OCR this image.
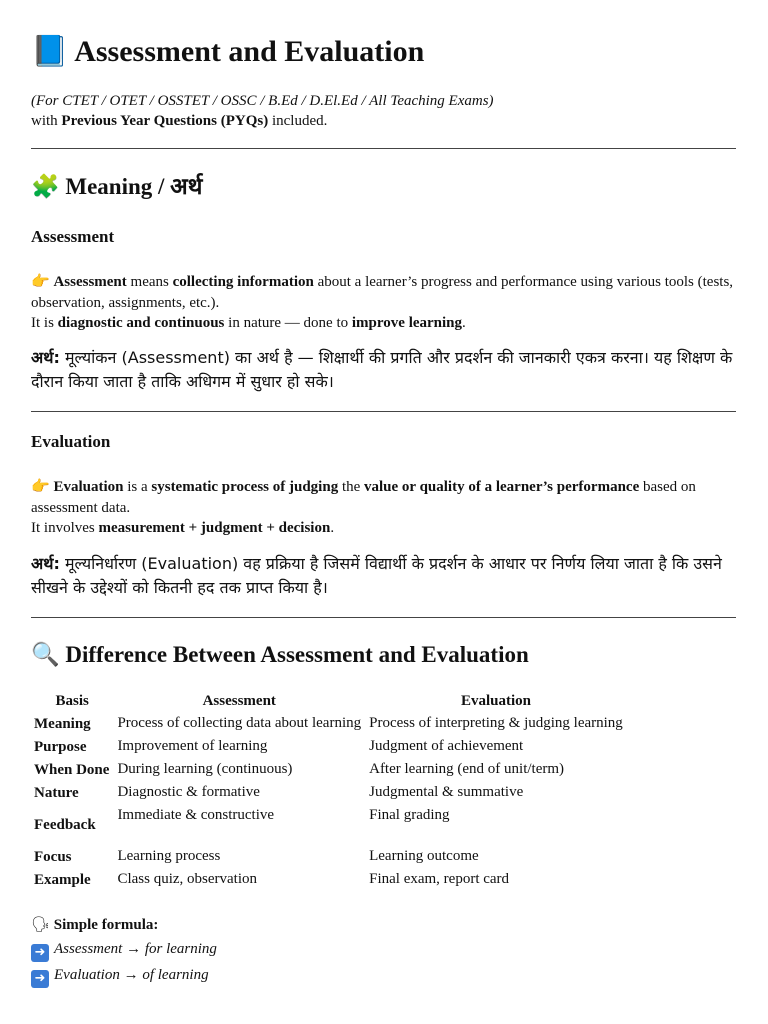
📘 Assessment and Evaluation
(For CTET / OTET / OSSTET / OSSC / B.Ed / D.El.Ed / All Teaching Exams)
with Previous Year Questions (PYQs) included.
🧩 Meaning / अर्थ
Assessment
👉 Assessment means collecting information about a learner’s progress and performance using various tools (tests, observation, assignments, etc.).
It is diagnostic and continuous in nature — done to improve learning.
अर्थ: मूल्यांकन (Assessment) का अर्थ है — शिक्षार्थी की प्रगति और प्रदर्शन की जानकारी एकत्र करना। यह शिक्षण के दौरान किया जाता है ताकि अधिगम में सुधार हो सके।
Evaluation
👉 Evaluation is a systematic process of judging the value or quality of a learner’s performance based on assessment data.
It involves measurement + judgment + decision.
अर्थ: मूल्यनिर्धारण (Evaluation) वह प्रक्रिया है जिसमें विद्यार्थी के प्रदर्शन के आधार पर निर्णय लिया जाता है कि उसने सीखने के उद्देश्यों को कितनी हद तक प्राप्त किया है।
🔍 Difference Between Assessment and Evaluation
Basis	Assessment	Evaluation
Meaning	Process of collecting data about learning	Process of interpreting & judging learning
Purpose	Improvement of learning	Judgment of achievement
When Done	During learning (continuous)	After learning (end of unit/term)
Nature	Diagnostic & formative	Judgmental & summative
Feedback	Immediate & constructive	Final grading
Focus	Learning process	Learning outcome
Example	Class quiz, observation	Final exam, report card
🗣 Simple formula:
➜ Assessment → for learning
➜ Evaluation → of learning
